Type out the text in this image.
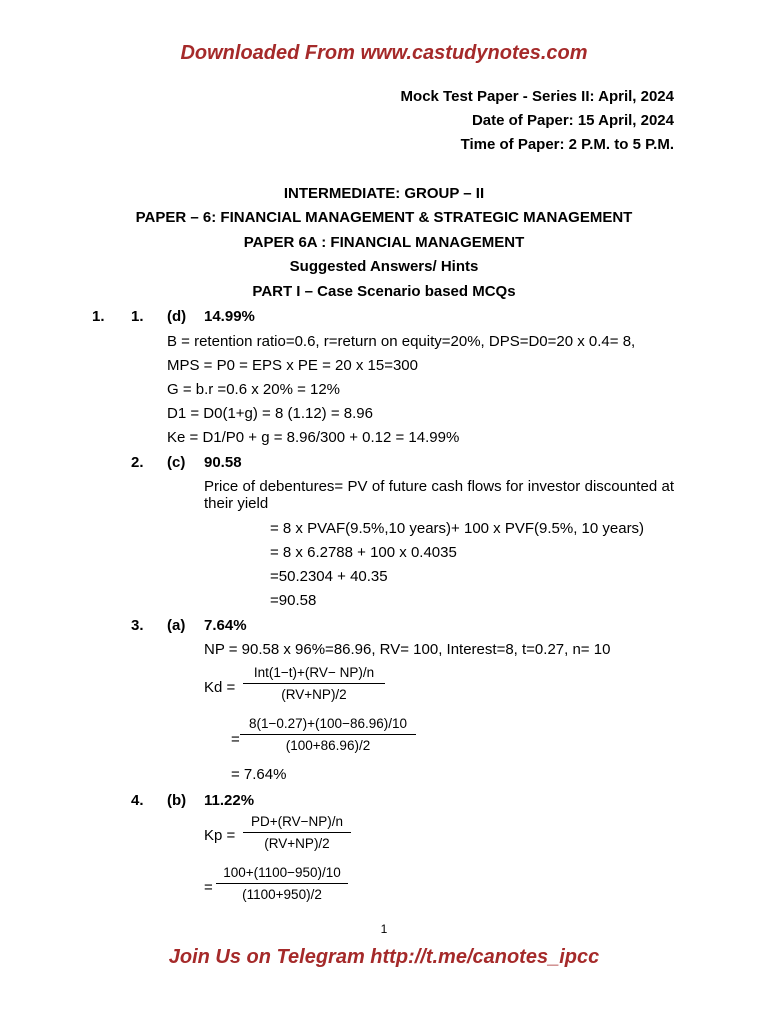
Downloaded From www.castudynotes.com
Mock Test Paper - Series II: April, 2024
Date of Paper: 15 April, 2024
Time of Paper: 2 P.M. to 5 P.M.
INTERMEDIATE: GROUP – II
PAPER – 6: FINANCIAL MANAGEMENT & STRATEGIC MANAGEMENT
PAPER 6A : FINANCIAL MANAGEMENT
Suggested Answers/ Hints
PART I – Case Scenario based MCQs
1. 1. (d) 14.99%
B = retention ratio=0.6, r=return on equity=20%, DPS=D0=20 x 0.4= 8,
MPS = P0 = EPS x PE = 20 x 15=300
G = b.r =0.6 x 20% = 12%
D1 = D0(1+g) = 8 (1.12) = 8.96
Ke = D1/P0 + g = 8.96/300 + 0.12 = 14.99%
2. (c) 90.58
Price of debentures= PV of future cash flows for investor discounted at their yield
= 8 x PVAF(9.5%,10 years)+ 100 x PVF(9.5%, 10 years)
= 8 x 6.2788 + 100 x 0.4035
=50.2304 + 40.35
=90.58
3. (a) 7.64%
NP = 90.58 x 96%=86.96, RV= 100, Interest=8, t=0.27, n= 10
Kd =
Int(1−t)+(RV− NP)/n
(RV+NP)/2
=
8(1−0.27)+(100−86.96)/10
(100+86.96)/2
= 7.64%
4. (b) 11.22%
Kp =
PD+(RV−NP)/n
(RV+NP)/2
=
100+(1100−950)/10
(1100+950)/2
1
Join Us on Telegram http://t.me/canotes_ipcc
